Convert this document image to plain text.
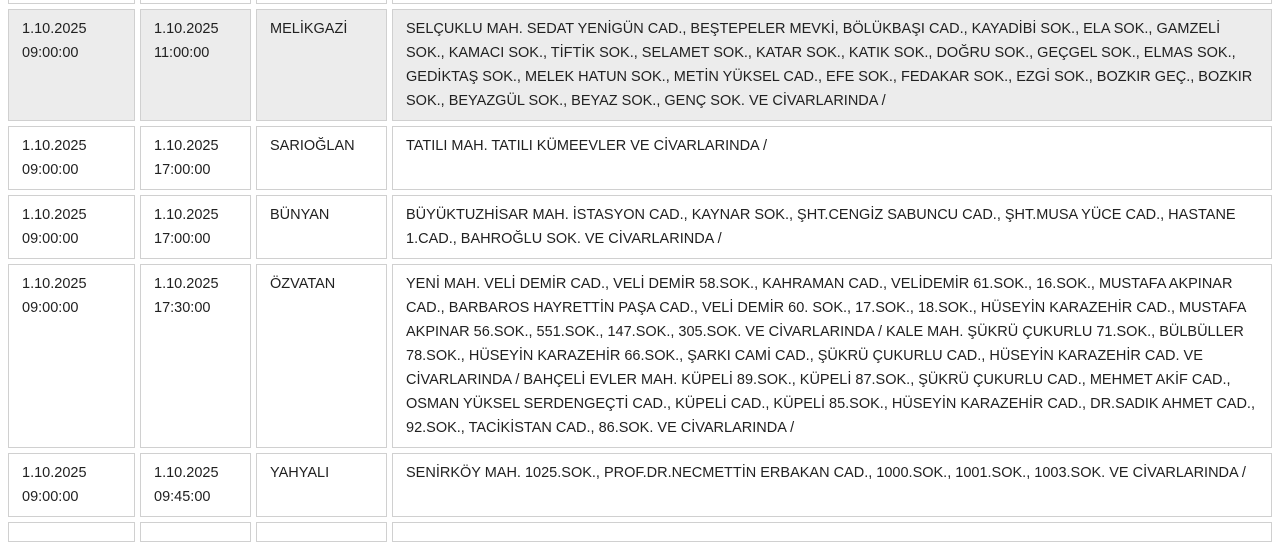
1.10.2025
09:00:00	1.10.2025
11:00:00	MELİKGAZİ	SELÇUKLU MAH. SEDAT YENİGÜN CAD., BEŞTEPELER MEVKİ, BÖLÜKBAŞI CAD., KAYADİBİ SOK., ELA SOK., GAMZELİ SOK., KAMACI SOK., TİFTİK SOK., SELAMET SOK., KATAR SOK., KATIK SOK., DOĞRU SOK., GEÇGEL SOK., ELMAS SOK., GEDİKTAŞ SOK., MELEK HATUN SOK., METİN YÜKSEL CAD., EFE SOK., FEDAKAR SOK., EZGİ SOK., BOZKIR GEÇ., BOZKIR SOK., BEYAZGÜL SOK., BEYAZ SOK., GENÇ SOK. VE CİVARLARINDA /

1.10.2025
09:00:00	1.10.2025
17:00:00	SARIOĞLAN	TATILI MAH. TATILI KÜMEEVLER VE CİVARLARINDA /

1.10.2025
09:00:00	1.10.2025
17:00:00	BÜNYAN	BÜYÜKTUZHİSAR MAH. İSTASYON CAD., KAYNAR SOK., ŞHT.CENGİZ SABUNCU CAD., ŞHT.MUSA YÜCE CAD., HASTANE 1.CAD., BAHROĞLU SOK. VE CİVARLARINDA /

1.10.2025
09:00:00	1.10.2025
17:30:00	ÖZVATAN	YENİ MAH. VELİ DEMİR CAD., VELİ DEMİR 58.SOK., KAHRAMAN CAD., VELİDEMİR 61.SOK., 16.SOK., MUSTAFA AKPINAR CAD., BARBAROS HAYRETTİN PAŞA CAD., VELİ DEMİR 60. SOK., 17.SOK., 18.SOK., HÜSEYİN KARAZEHİR CAD., MUSTAFA AKPINAR 56.SOK., 551.SOK., 147.SOK., 305.SOK. VE CİVARLARINDA / KALE MAH. ŞÜKRÜ ÇUKURLU 71.SOK., BÜLBÜLLER 78.SOK., HÜSEYİN KARAZEHİR 66.SOK., ŞARKI CAMİ CAD., ŞÜKRÜ ÇUKURLU CAD., HÜSEYİN KARAZEHİR CAD. VE CİVARLARINDA / BAHÇELİ EVLER MAH. KÜPELİ 89.SOK., KÜPELİ 87.SOK., ŞÜKRÜ ÇUKURLU CAD., MEHMET AKİF CAD., OSMAN YÜKSEL SERDENGEÇTİ CAD., KÜPELİ CAD., KÜPELİ 85.SOK., HÜSEYİN KARAZEHİR CAD., DR.SADIK AHMET CAD., 92.SOK., TACİKİSTAN CAD., 86.SOK. VE CİVARLARINDA /

1.10.2025
09:00:00	1.10.2025
09:45:00	YAHYALI	SENİRKÖY MAH. 1025.SOK., PROF.DR.NECMETTİN ERBAKAN CAD., 1000.SOK., 1001.SOK., 1003.SOK. VE CİVARLARINDA /
